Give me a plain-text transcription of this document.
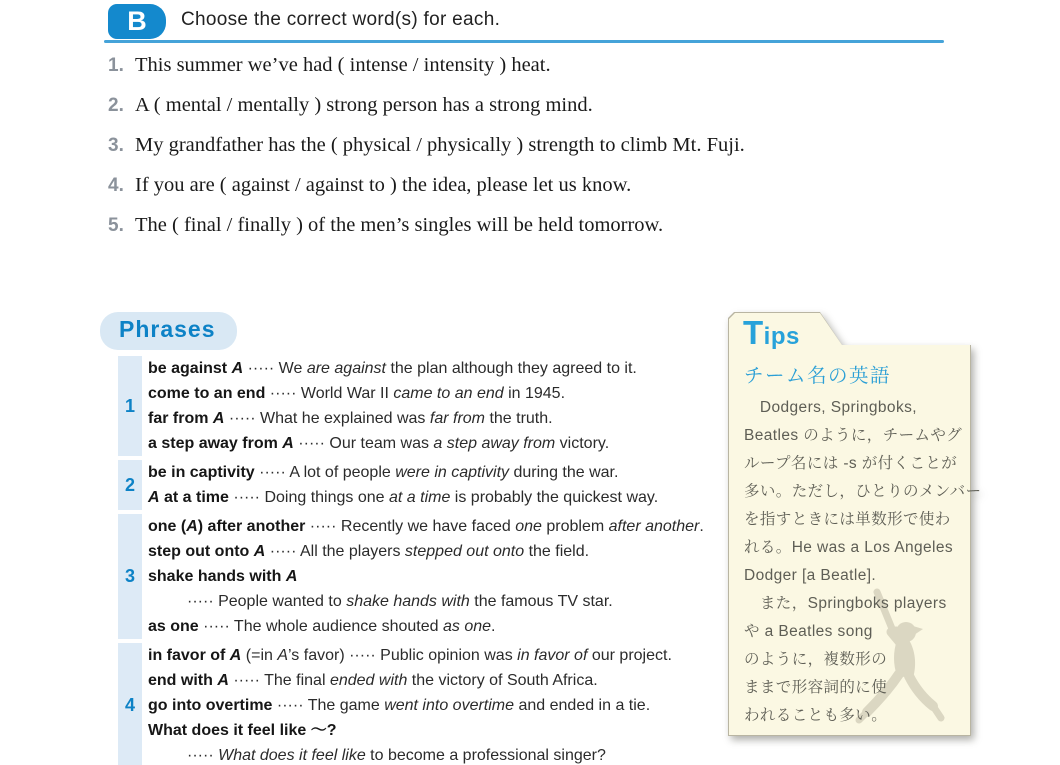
B	Choose the correct word(s) for each.
1. This summer we’ve had ( intense / intensity ) heat.
2. A ( mental / mentally ) strong person has a strong mind.
3. My grandfather has the ( physical / physically ) strength to climb Mt. Fuji.
4. If you are ( against / against to ) the idea, please let us know.
5. The ( final / finally ) of the men’s singles will be held tomorrow.
Phrases
1
be against A ····· We are against the plan although they agreed to it.
come to an end ····· World War II came to an end in 1945.
far from A ····· What he explained was far from the truth.
a step away from A ····· Our team was a step away from victory.
2
be in captivity ····· A lot of people were in captivity during the war.
A at a time ····· Doing things one at a time is probably the quickest way.
3
one (A) after another ····· Recently we have faced one problem after another.
step out onto A ····· All the players stepped out onto the field.
shake hands with A
····· People wanted to shake hands with the famous TV star.
as one ····· The whole audience shouted as one.
4
in favor of A (=in A’s favor) ····· Public opinion was in favor of our project.
end with A ····· The final ended with the victory of South Africa.
go into overtime ····· The game went into overtime and ended in a tie.
What does it feel like ～?
····· What does it feel like to become a professional singer?
Tips
チーム名の英語
　Dodgers, Springboks,
Beatles のように，チームやグ
ループ名には -s が付くことが
多い。ただし，ひとりのメンバー
を指すときには単数形で使わ
れる。He was a Los Angeles
Dodger [a Beatle].
　また，Springboks players
や a Beatles song
のように，複数形の
ままで形容詞的に使
われることも多い。
